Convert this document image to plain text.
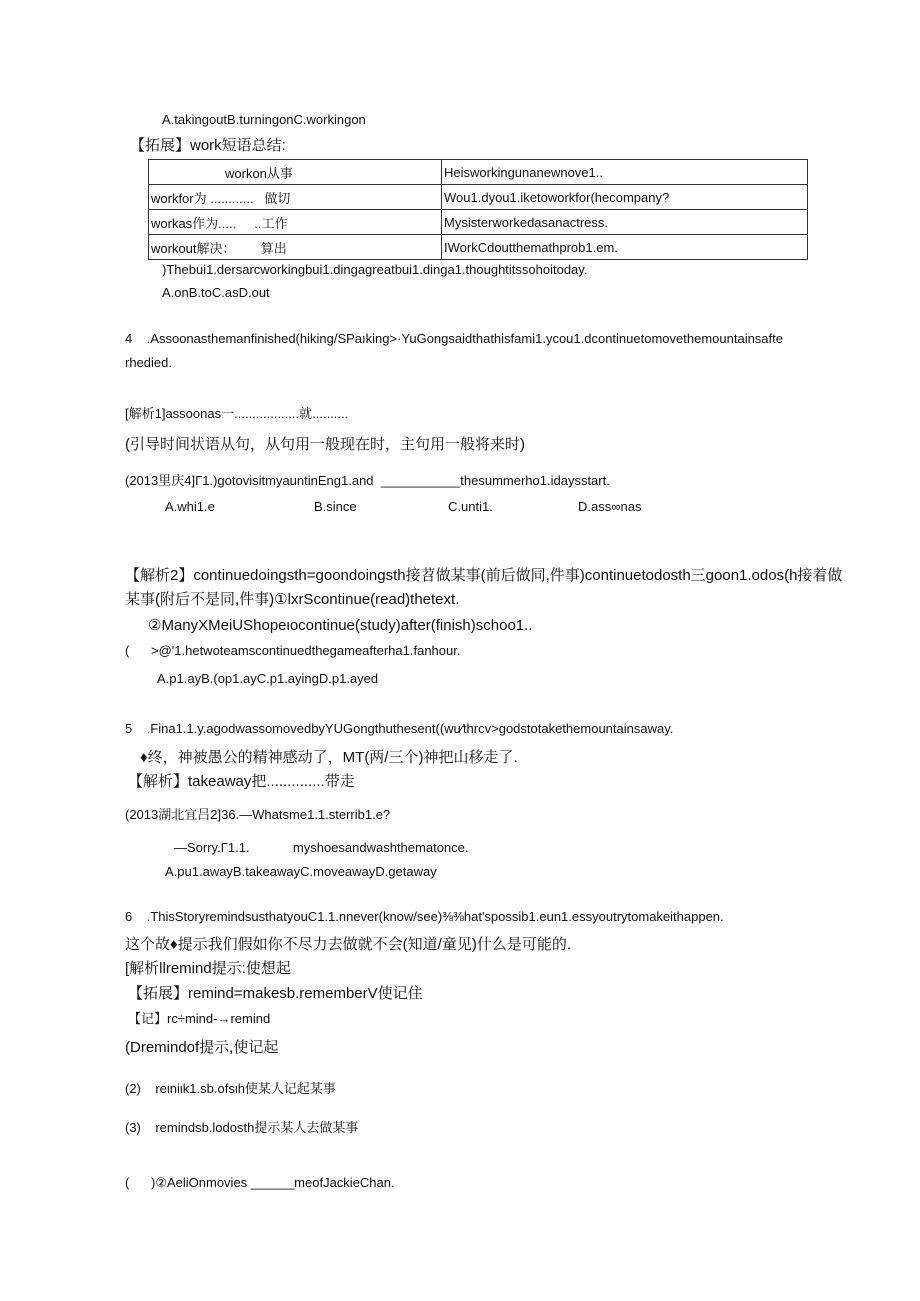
A.takingoutB.turningonC.workingon
【拓展】work短语总结:
workon从事	Heisworkingunanewnove1..
workfor为 ............   做切	Wou1.dyou1.iketoworkfor(hecompany?
workas作为.....     ..工作	Mysisterworkedasanactress.
workout解决：       算出	IWorkCdoutthemathprob1.em.
)Thebui1.dersarcworkingbui1.dingagreatbui1.dinga1.thoughtitssohoitoday.
A.onB.toC.asD.out
4    .Assoonasthemanfinished(hiking/SPaıking>·YuGongsaidthathisfami1.ycou1.dcontinuetomovethemountainsafte
rhedied.
[解析1]assoonas一..................就..........
(引导时间状语从句，从句用一般现在时，主句用一般将来时)
(2013里庆4]Γ1.)gotovisitmyauntinEng1.and  ___________thesummerho1.idaysstart.
A.whi1.e	B.since	C.unti1.	D.ass∞nas
【解析2】continuedoingsth=goondoingsth接苕做某事(前后做同,件事)continuetodosth三goon1.odos(h接着做
某事(附后不是同,件事)①lxrScontinue(read)thetext.
②ManyXMeiUShopeιocontinue(study)after(finish)schoo1..
(      >@'1.hetwoteamscontinuedthegameafterha1.fanhour.
A.p1.ayB.(op1.ayC.p1.ayingD.p1.ayed
5    .Fina1.1.y.agodwassomovedbyYUGongthuthesent((wu∕thrcv>godstotakethemountainsaway.
♦终，神被愚公的精神感动了，MT(两/三个)神把山移走了.
【解析】takeaway把..............带走
(2013湖北宜吕2]36.—Whatsme1.1.sterrib1.e?
—Sorry.Γ1.1.            myshoesandwashthematonce.
A.pu1.awayB.takeawayC.moveawayD.getaway
6    .ThisStoryremindsusthatyouC1.1.nnever(know/see)⅜⅜hat'spossib1.eun1.essyoutrytomakeithappen.
这个故♦提示我们假如你不尽力去做就不会(知道/童见)什么是可能的.
[解析llremind提示:使想起
【拓展】remind=makesb.rememberV使记住
【记】rc÷mind-→remind
(Dremindof提示,使记起
(2)    reιniιk1.sb.ofsιh使某人记起某事
(3)    remindsb.lodosth提示某人去做某事
(      )②AeliOnmovies ______meofJackieChan.
